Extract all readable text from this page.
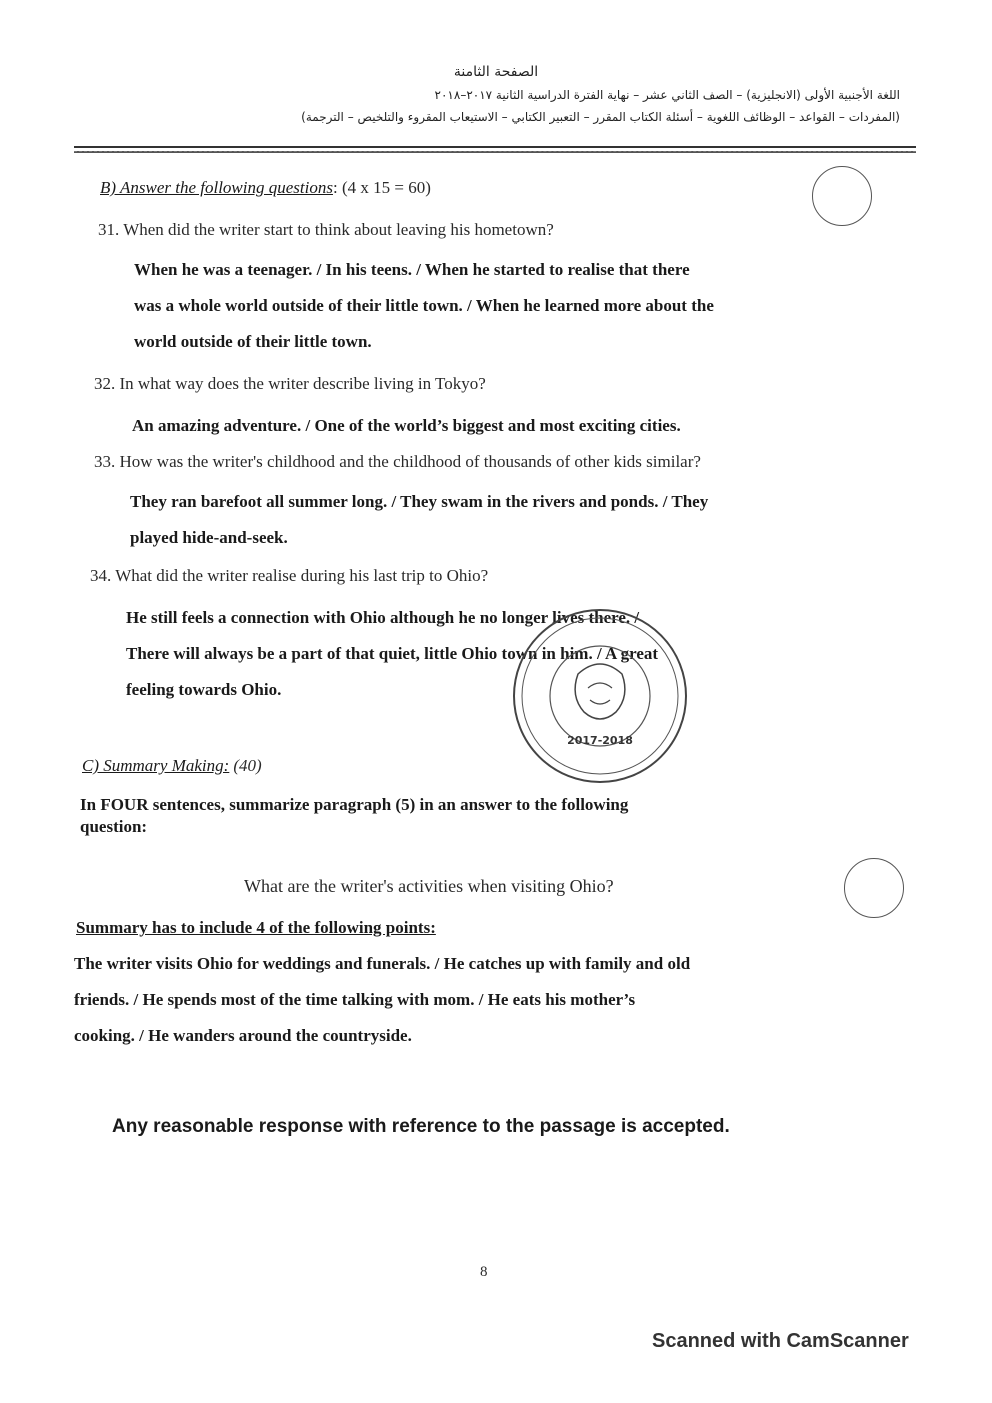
الصفحة الثامنة
اللغة الأجنبية الأولى (الانجليزية) – الصف الثاني عشر – نهاية الفترة الدراسية الثانية ٢٠١٧–٢٠١٨
(المفردات – القواعد – الوظائف اللغوية – أسئلة الكتاب المقرر – التعبير الكتابي – الاستيعاب المقروء والتلخيص – الترجمة)
B) Answer the following questions: (4 x 15 = 60)
31. When did the writer start to think about leaving his hometown?
When he was a teenager. / In his teens. / When he started to realise that there
was a whole world outside of their little town. / When he learned more about the
world outside of their little town.
32. In what way does the writer describe living in Tokyo?
An amazing adventure. / One of the world’s biggest and most exciting cities.
33. How was the writer's childhood and the childhood of thousands of other kids similar?
They ran barefoot all summer long. / They swam in the rivers and ponds. / They
played hide-and-seek.
34. What did the writer realise during his last trip to Ohio?
He still feels a connection with Ohio although he no longer lives there. /
There will always be a part of that quiet, little Ohio town in him. / A great
feeling towards Ohio.
2017-2018
C) Summary Making: (40)
In FOUR sentences, summarize paragraph (5) in an answer to the following
question:
What are the writer's activities when visiting Ohio?
Summary has to include 4 of the following points:
The writer visits Ohio for weddings and funerals. / He catches up with family and old
friends. / He spends most of the time talking with mom. / He eats his mother’s
cooking. / He wanders around the countryside.
Any reasonable response with reference to the passage is accepted.
8
Scanned with CamScanner
